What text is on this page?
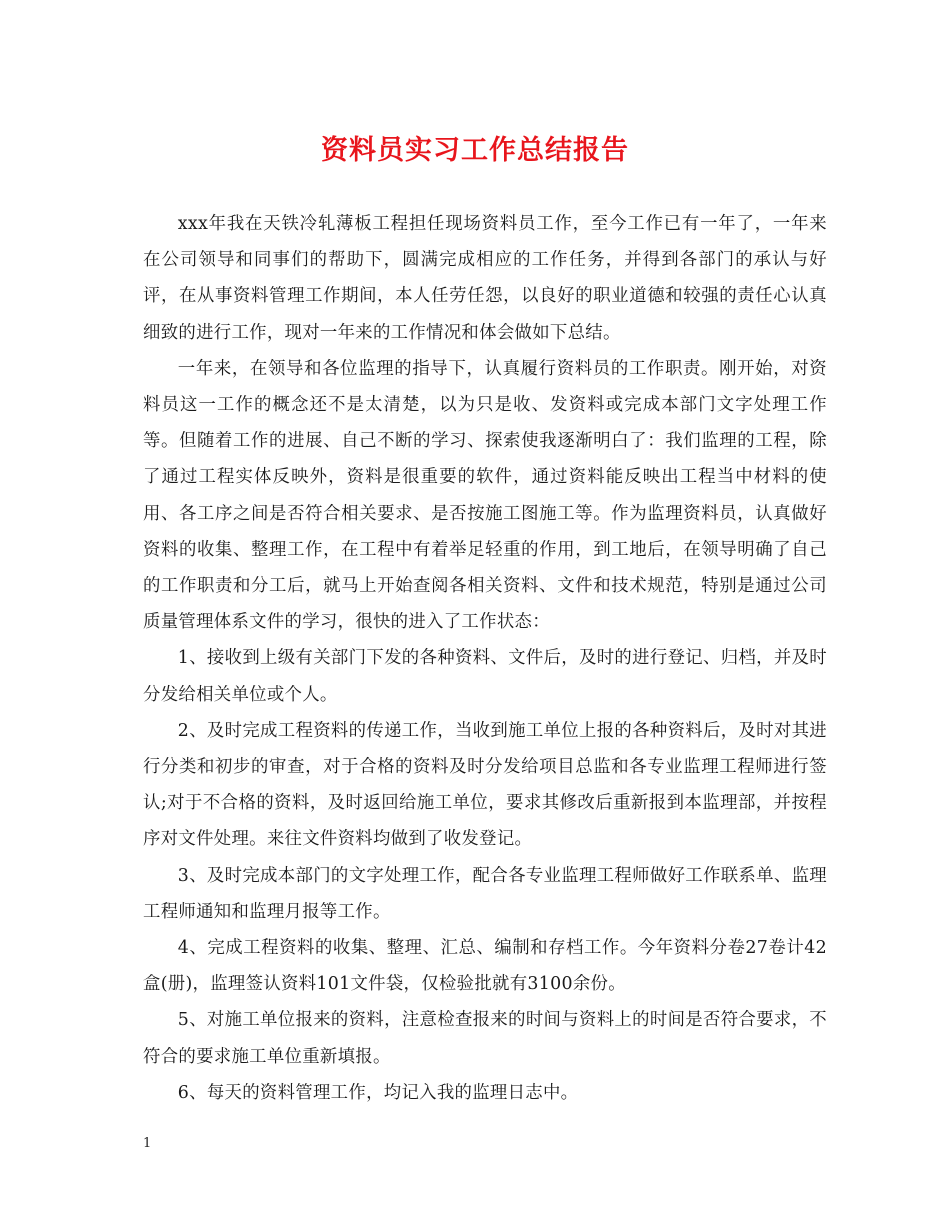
资料员实习工作总结报告

xxx年我在天铁冷轧薄板工程担任现场资料员工作，至今工作已有一年了，一年来在公司领导和同事们的帮助下，圆满完成相应的工作任务，并得到各部门的承认与好评，在从事资料管理工作期间，本人任劳任怨，以良好的职业道德和较强的责任心认真细致的进行工作，现对一年来的工作情况和体会做如下总结。

一年来，在领导和各位监理的指导下，认真履行资料员的工作职责。刚开始，对资料员这一工作的概念还不是太清楚，以为只是收、发资料或完成本部门文字处理工作等。但随着工作的进展、自己不断的学习、探索使我逐渐明白了：我们监理的工程，除了通过工程实体反映外，资料是很重要的软件，通过资料能反映出工程当中材料的使用、各工序之间是否符合相关要求、是否按施工图施工等。作为监理资料员，认真做好资料的收集、整理工作，在工程中有着举足轻重的作用，到工地后，在领导明确了自己的工作职责和分工后，就马上开始查阅各相关资料、文件和技术规范，特别是通过公司质量管理体系文件的学习，很快的进入了工作状态：

1、接收到上级有关部门下发的各种资料、文件后，及时的进行登记、归档，并及时分发给相关单位或个人。

2、及时完成工程资料的传递工作，当收到施工单位上报的各种资料后，及时对其进行分类和初步的审查，对于合格的资料及时分发给项目总监和各专业监理工程师进行签认;对于不合格的资料，及时返回给施工单位，要求其修改后重新报到本监理部，并按程序对文件处理。来往文件资料均做到了收发登记。

3、及时完成本部门的文字处理工作，配合各专业监理工程师做好工作联系单、监理工程师通知和监理月报等工作。

4、完成工程资料的收集、整理、汇总、编制和存档工作。今年资料分卷27卷计42盒(册)，监理签认资料101文件袋，仅检验批就有3100余份。

5、对施工单位报来的资料，注意检查报来的时间与资料上的时间是否符合要求，不符合的要求施工单位重新填报。

6、每天的资料管理工作，均记入我的监理日志中。

1
